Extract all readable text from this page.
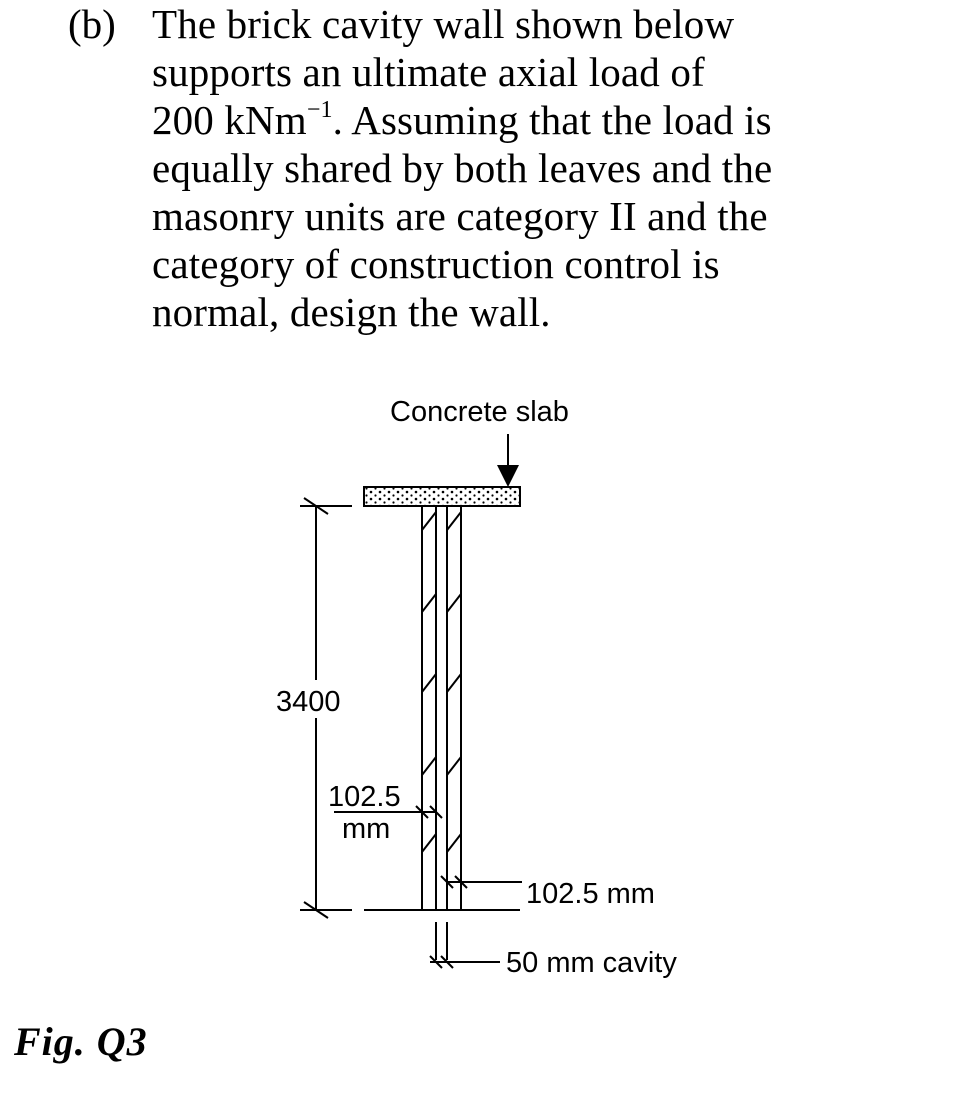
(b) The brick cavity wall shown below
supports an ultimate axial load of
200 kNm$^{-1}$. Assuming that the load is
equally shared by both leaves and the
masonry units are category II and the
category of construction control is
normal, design the wall.
Concrete slab
3400
102.5
mm
102.5 mm
50 mm cavity
Fig. Q3
